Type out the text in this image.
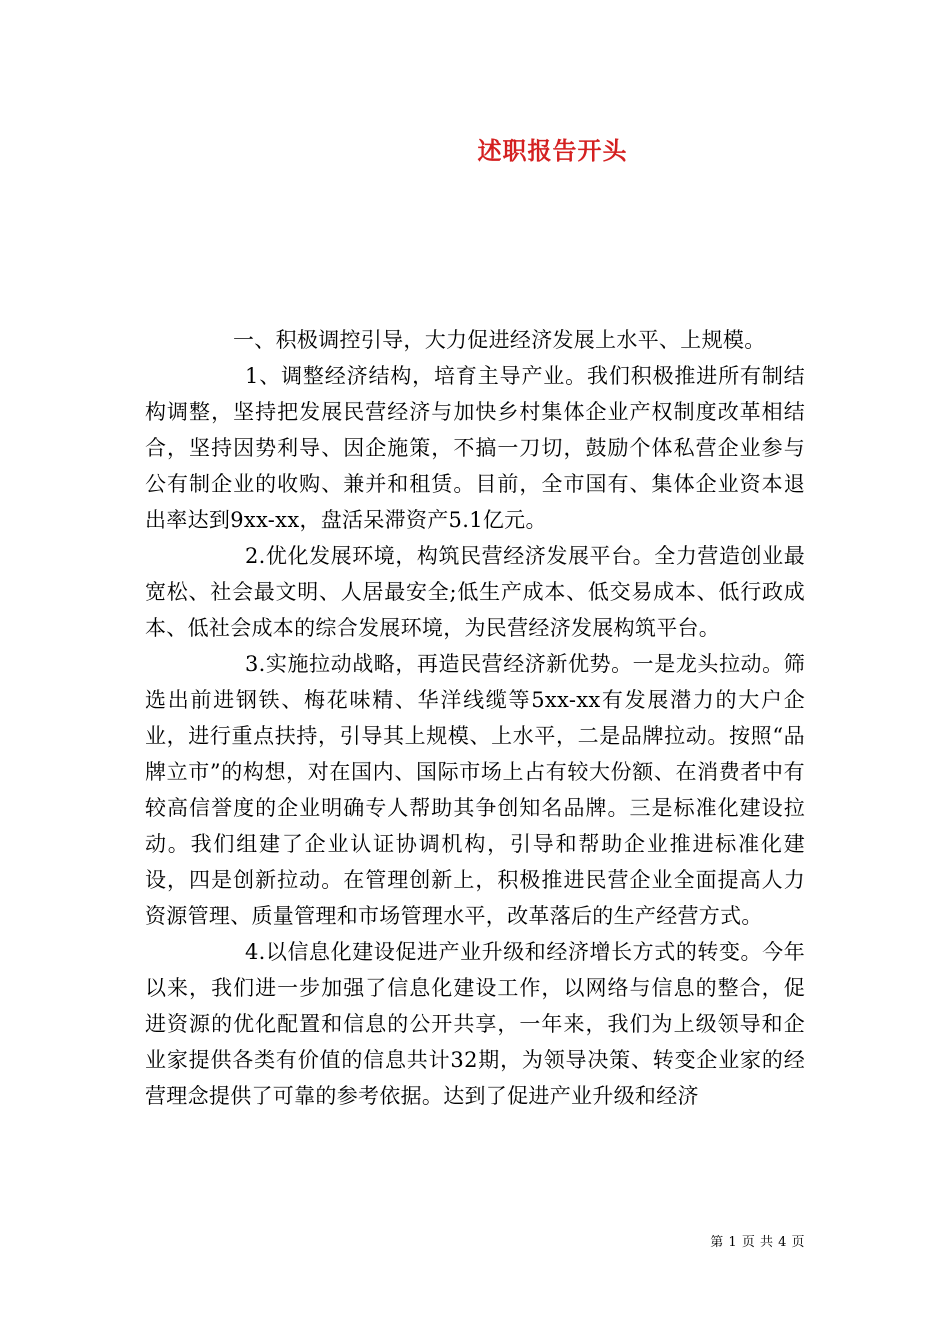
述职报告开头

一、积极调控引导，大力促进经济发展上水平、上规模。

1、调整经济结构，培育主导产业。我们积极推进所有制结构调整，坚持把发展民营经济与加快乡村集体企业产权制度改革相结合，坚持因势利导、因企施策，不搞一刀切，鼓励个体私营企业参与公有制企业的收购、兼并和租赁。目前，全市国有、集体企业资本退出率达到9xx-xx，盘活呆滞资产5.1亿元。

2.优化发展环境，构筑民营经济发展平台。全力营造创业最宽松、社会最文明、人居最安全;低生产成本、低交易成本、低行政成本、低社会成本的综合发展环境，为民营经济发展构筑平台。

3.实施拉动战略，再造民营经济新优势。一是龙头拉动。筛选出前进钢铁、梅花味精、华洋线缆等5xx-xx有发展潜力的大户企业，进行重点扶持，引导其上规模、上水平，二是品牌拉动。按照“品牌立市”的构想，对在国内、国际市场上占有较大份额、在消费者中有较高信誉度的企业明确专人帮助其争创知名品牌。三是标准化建设拉动。我们组建了企业认证协调机构，引导和帮助企业推进标准化建设，四是创新拉动。在管理创新上，积极推进民营企业全面提高人力资源管理、质量管理和市场管理水平，改革落后的生产经营方式。

4.以信息化建设促进产业升级和经济增长方式的转变。今年以来，我们进一步加强了信息化建设工作，以网络与信息的整合，促进资源的优化配置和信息的公开共享，一年来，我们为上级领导和企业家提供各类有价值的信息共计32期，为领导决策、转变企业家的经营理念提供了可靠的参考依据。达到了促进产业升级和经济

第 1 页 共 4 页
